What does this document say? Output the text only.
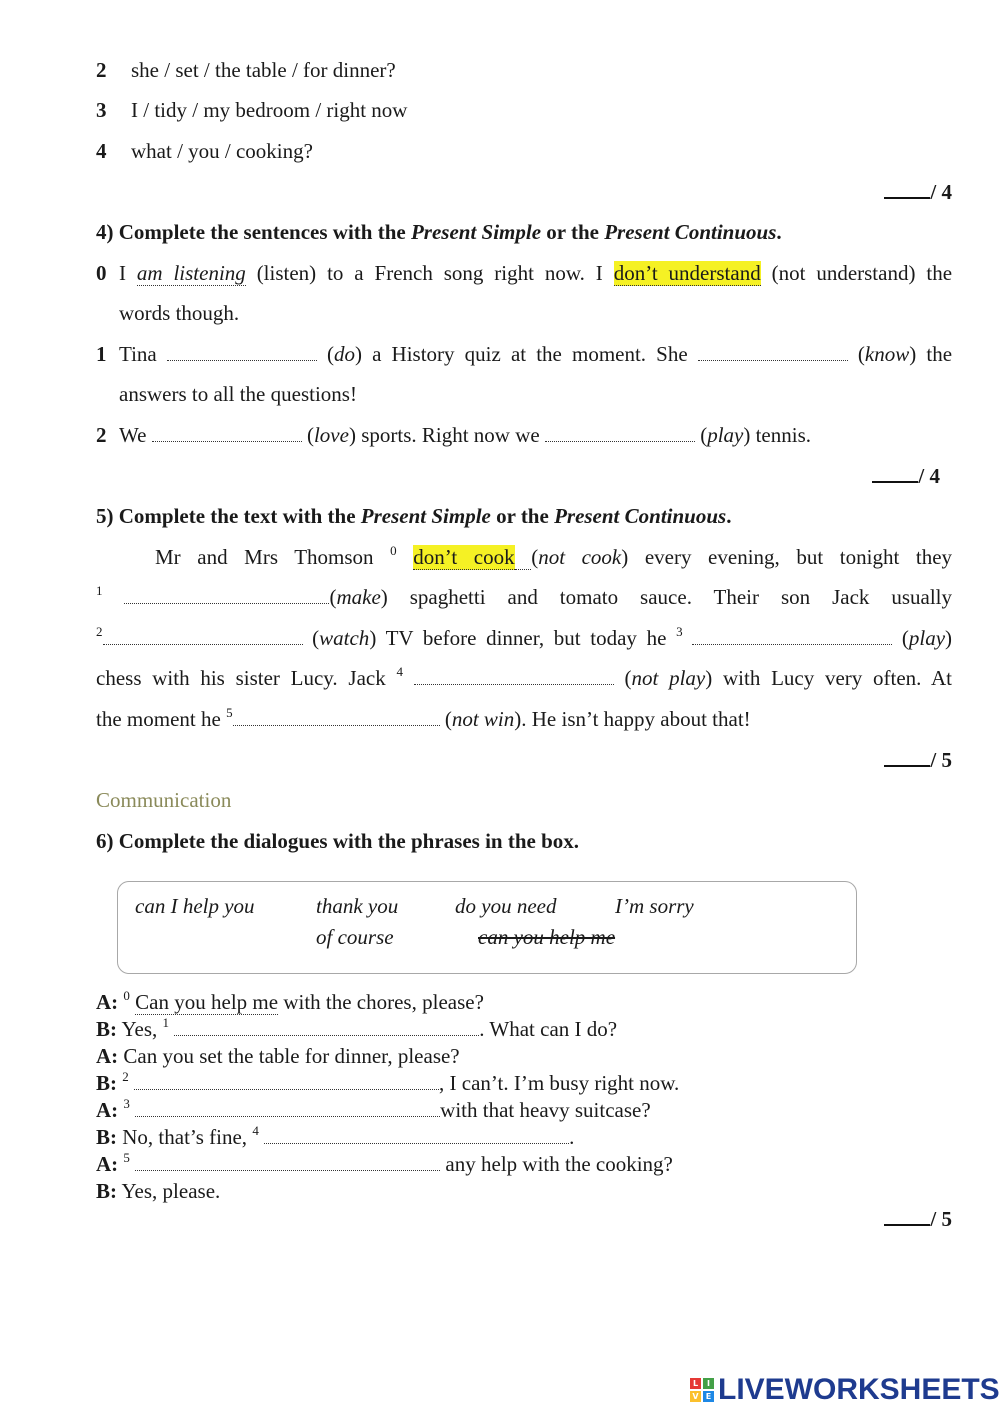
2 she / set / the table / for dinner?
3 I / tidy / my bedroom / right now
4 what / you / cooking?
/ 4
4) Complete the sentences with the Present Simple or the Present Continuous.
0 I am listening (listen) to a French song right now. I don’t understand (not understand) the
words though.
1 Tina	(do) a History quiz at the moment. She	(know) the
answers to all the questions!
2 We	(love) sports. Right now we	(play) tennis.
/ 4
5) Complete the text with the Present Simple or the Present Continuous.
Mr and Mrs Thomson $^0$ don’t cook (not cook) every evening, but tonight they
$^1$	(make) spaghetti and tomato sauce. Their son Jack usually
$^2$	(watch) TV before dinner, but today he $^3$	(play)
chess with his sister Lucy. Jack $^4$	(not play) with Lucy very often. At
the moment he $^5$	(not win). He isn’t happy about that!
/ 5
Communication
6) Complete the dialogues with the phrases in the box.
can I help you	thank you	do you need	I’m sorry
of course	can you help me
A: $^0$ Can you help me with the chores, please?
B: Yes, $^1$	. What can I do?
A: Can you set the table for dinner, please?
B: $^2$	, I can’t. I’m busy right now.
A: $^3$	with that heavy suitcase?
B: No, that’s fine, $^4$	.
A: $^5$	any help with the cooking?
B: Yes, please.
/ 5
L	I
V E LIVEWORKSHEETS
